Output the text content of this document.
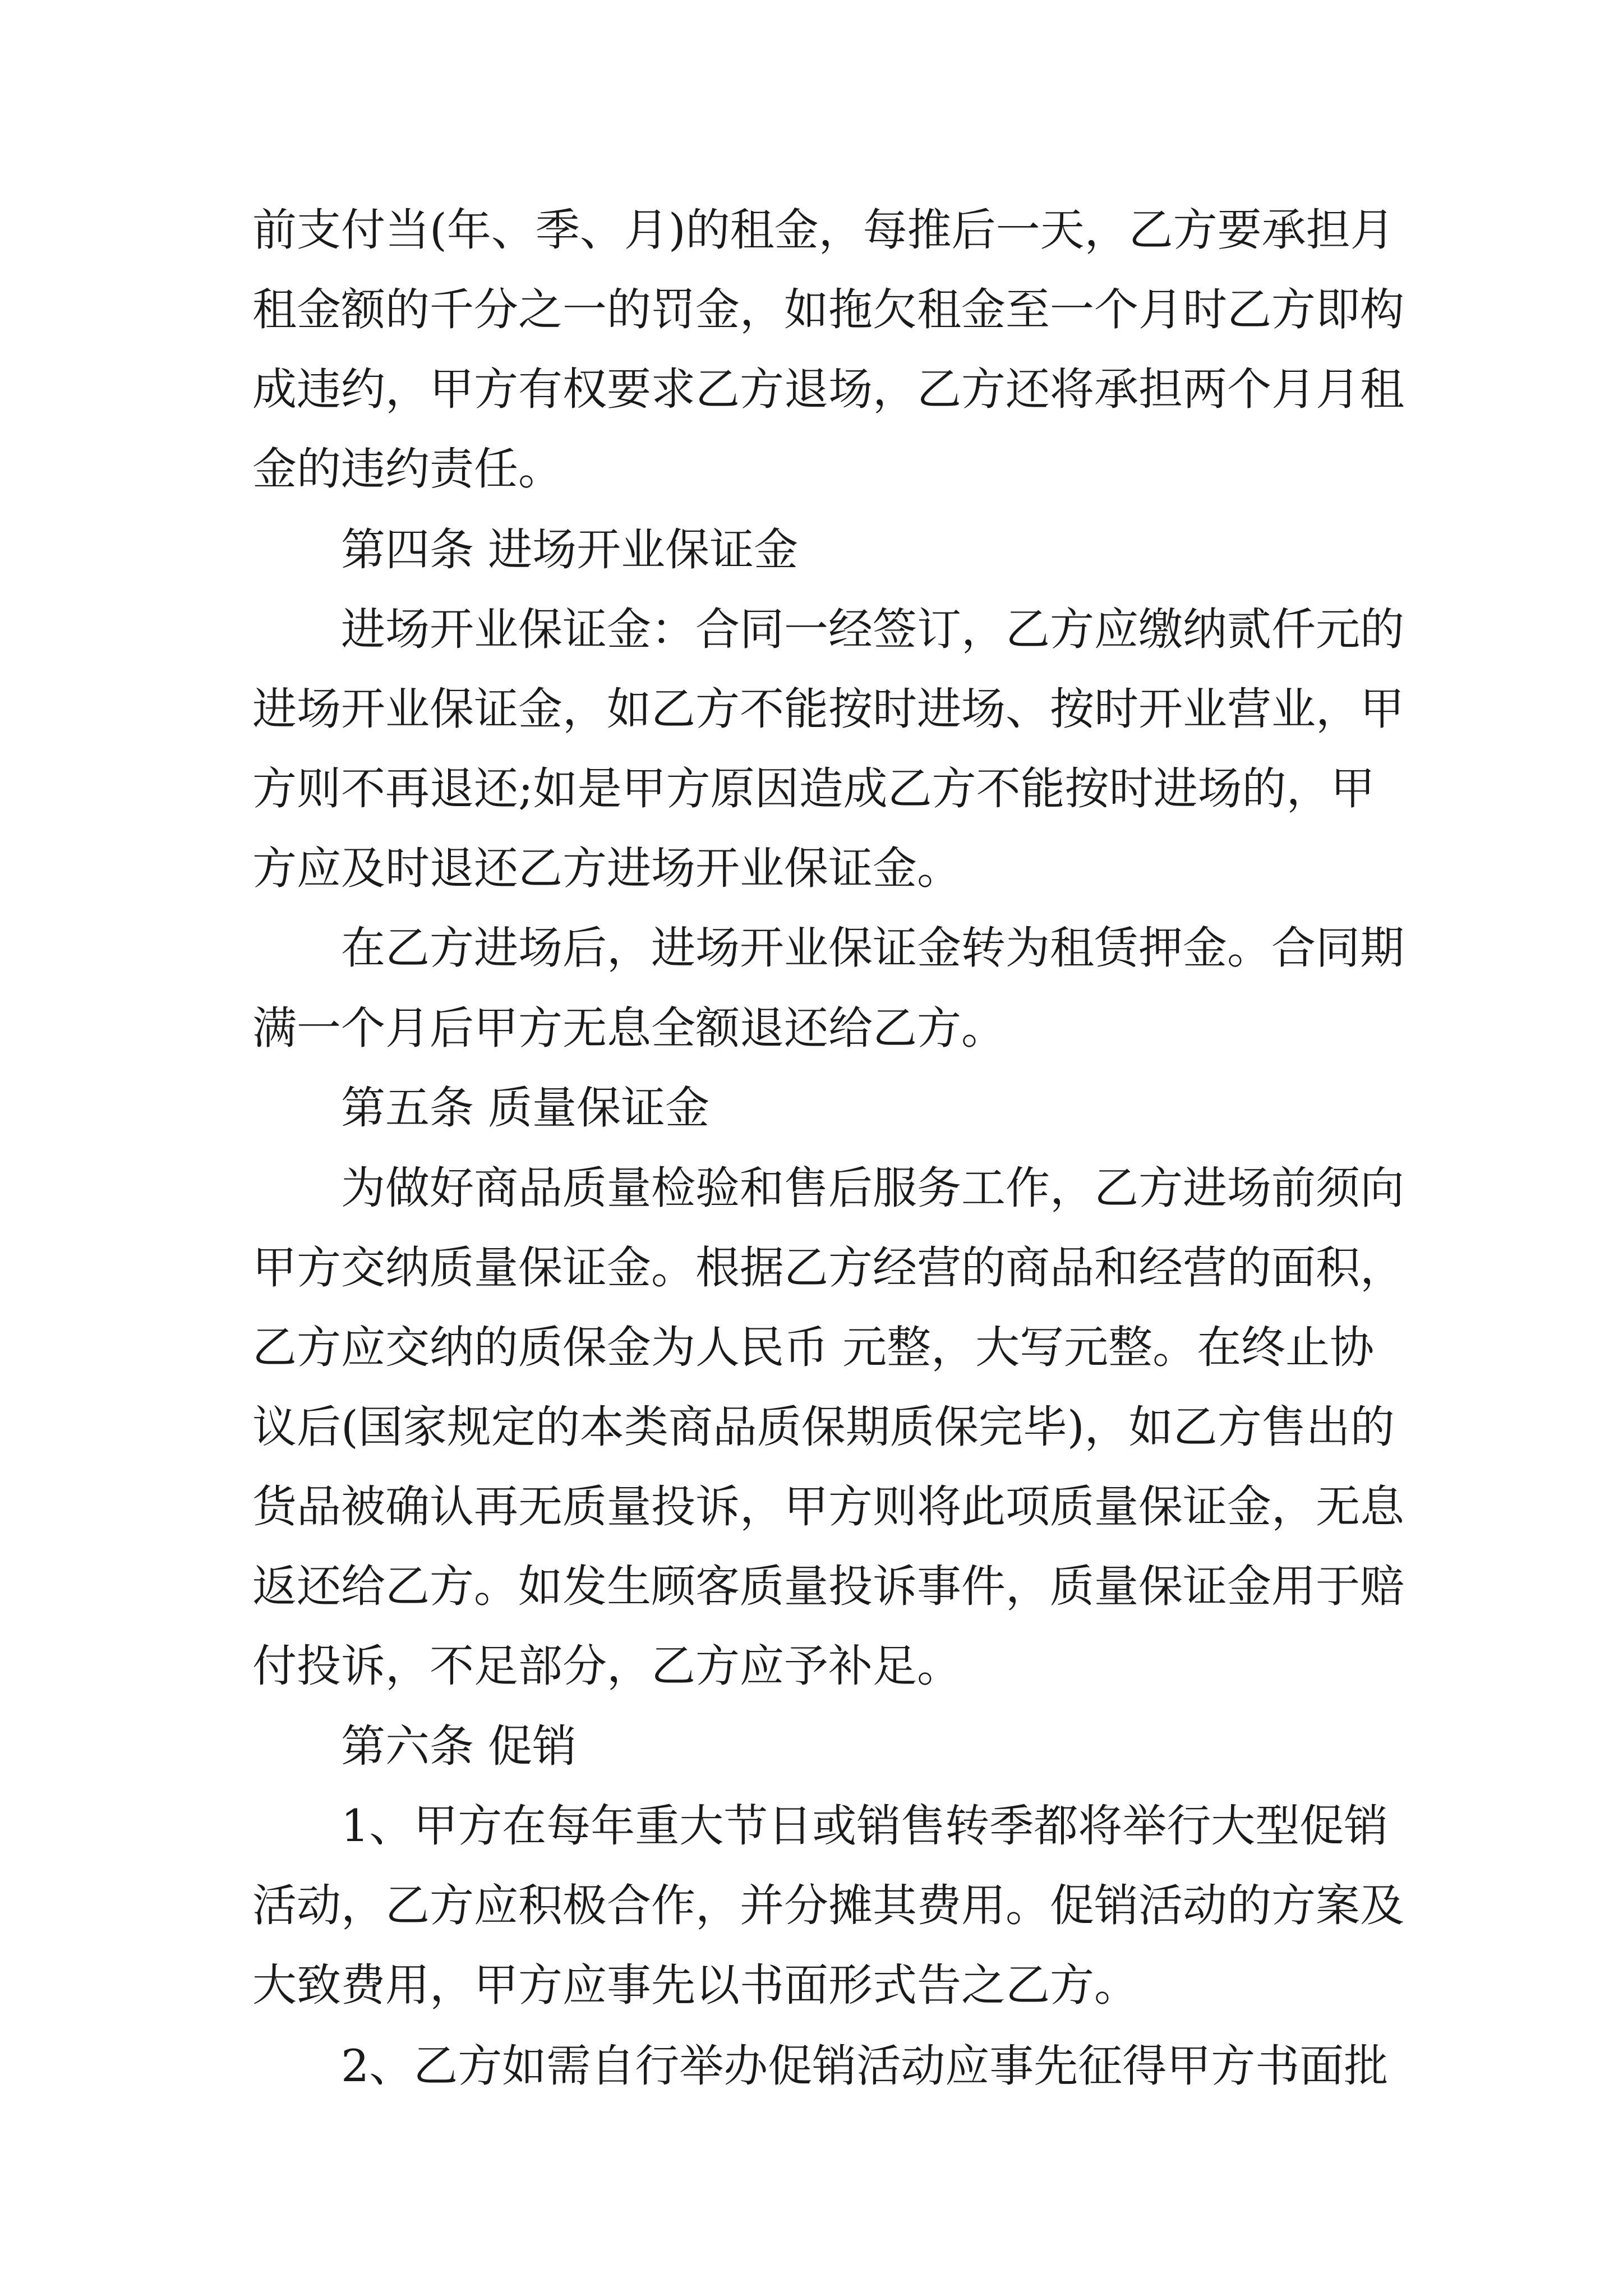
前支付当(年、季、月)的租金，每推后一天，乙方要承担月
租金额的千分之一的罚金，如拖欠租金至一个月时乙方即构
成违约，甲方有权要求乙方退场，乙方还将承担两个月月租
金的违约责任。
第四条 进场开业保证金
进场开业保证金：合同一经签订，乙方应缴纳贰仟元的
进场开业保证金，如乙方不能按时进场、按时开业营业，甲
方则不再退还;如是甲方原因造成乙方不能按时进场的，甲
方应及时退还乙方进场开业保证金。
在乙方进场后，进场开业保证金转为租赁押金。合同期
满一个月后甲方无息全额退还给乙方。
第五条 质量保证金
为做好商品质量检验和售后服务工作，乙方进场前须向
甲方交纳质量保证金。根据乙方经营的商品和经营的面积，
乙方应交纳的质保金为人民币 元整，大写元整。在终止协
议后(国家规定的本类商品质保期质保完毕)，如乙方售出的
货品被确认再无质量投诉，甲方则将此项质量保证金，无息
返还给乙方。如发生顾客质量投诉事件，质量保证金用于赔
付投诉，不足部分，乙方应予补足。
第六条 促销
1、甲方在每年重大节日或销售转季都将举行大型促销
活动，乙方应积极合作，并分摊其费用。促销活动的方案及
大致费用，甲方应事先以书面形式告之乙方。
2、乙方如需自行举办促销活动应事先征得甲方书面批
